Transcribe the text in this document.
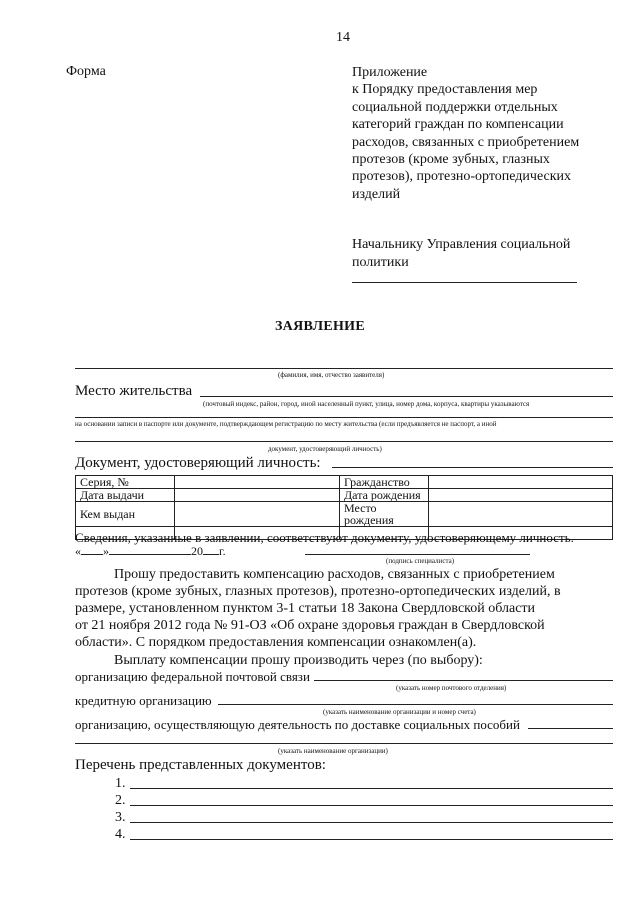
14
Форма	Приложение
к Порядку предоставления мер
социальной поддержки отдельных
категорий граждан по компенсации
расходов, связанных с приобретением
протезов (кроме зубных, глазных
протезов), протезно-ортопедических
изделий
Начальнику Управления социальной
политики
ЗАЯВЛЕНИЕ
(фамилия, имя, отчество заявителя)
Место жительства
(почтовый индекс, район, город, иной населенный пункт, улица, номер дома, корпуса, квартиры указываются
на основании записи в паспорте или документе, подтверждающем регистрацию по месту жительства (если предъявляется не паспорт, а иной
документ, удостоверяющий личность)
Документ, удостоверяющий личность:
Серия, №		Гражданство	
Дата выдачи		Дата рождения	
Кем выдан		Место рождения	

Сведения, указанные в заявлении, соответствуют документу, удостоверяющему личность.
« »	20 г.
(подпись специалиста)
Прошу предоставить компенсацию расходов, связанных с приобретением
протезов (кроме зубных, глазных протезов), протезно-ортопедических изделий, в
размере, установленном пунктом 3-1 статьи 18 Закона Свердловской области
от 21 ноября 2012 года № 91-ОЗ «Об охране здоровья граждан в Свердловской
области». С порядком предоставления компенсации ознакомлен(а).
Выплату компенсации прошу производить через (по выбору):
организацию федеральной почтовой связи
(указать номер почтового отделения)
кредитную организацию
(указать наименование организации и номер счета)
организацию, осуществляющую деятельность по доставке социальных пособий
(указать наименование организации)
Перечень представленных документов:
1.
2.
3.
4.
